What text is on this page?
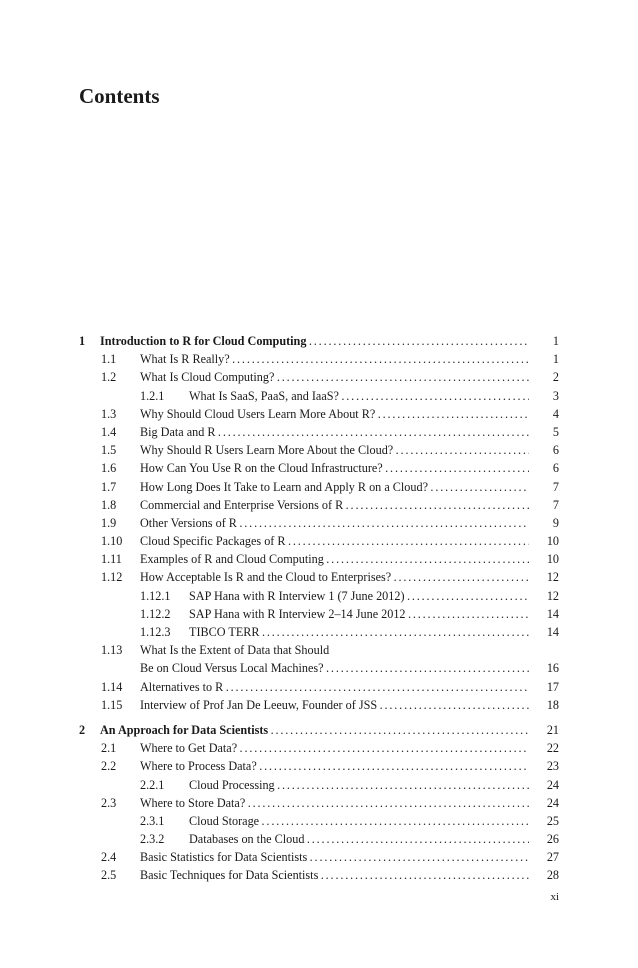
Contents
1 Introduction to R for Cloud Computing . . .	1
1.1 What Is R Really? . . .	1
1.2 What Is Cloud Computing? . . .	2
1.2.1 What Is SaaS, PaaS, and IaaS? . . .	3
1.3 Why Should Cloud Users Learn More About R? . . .	4
1.4 Big Data and R . . .	5
1.5 Why Should R Users Learn More About the Cloud? . . .	6
1.6 How Can You Use R on the Cloud Infrastructure? . . .	6
1.7 How Long Does It Take to Learn and Apply R on a Cloud? . . .	7
1.8 Commercial and Enterprise Versions of R . . .	7
1.9 Other Versions of R . . .	9
1.10 Cloud Specific Packages of R . . .	10
1.11 Examples of R and Cloud Computing . . .	10
1.12 How Acceptable Is R and the Cloud to Enterprises? . . .	12
1.12.1 SAP Hana with R Interview 1 (7 June 2012) . . .	12
1.12.2 SAP Hana with R Interview 2–14 June 2012 . . .	14
1.12.3 TIBCO TERR . . .	14
1.13 What Is the Extent of Data that Should
Be on Cloud Versus Local Machines? . . .	16
1.14 Alternatives to R . . .	17
1.15 Interview of Prof Jan De Leeuw, Founder of JSS . . .	18
2 An Approach for Data Scientists . . .	21
2.1 Where to Get Data? . . .	22
2.2 Where to Process Data? . . .	23
2.2.1 Cloud Processing . . .	24
2.3 Where to Store Data? . . .	24
2.3.1 Cloud Storage . . .	25
2.3.2 Databases on the Cloud . . .	26
2.4 Basic Statistics for Data Scientists . . .	27
2.5 Basic Techniques for Data Scientists . . .	28
xi
